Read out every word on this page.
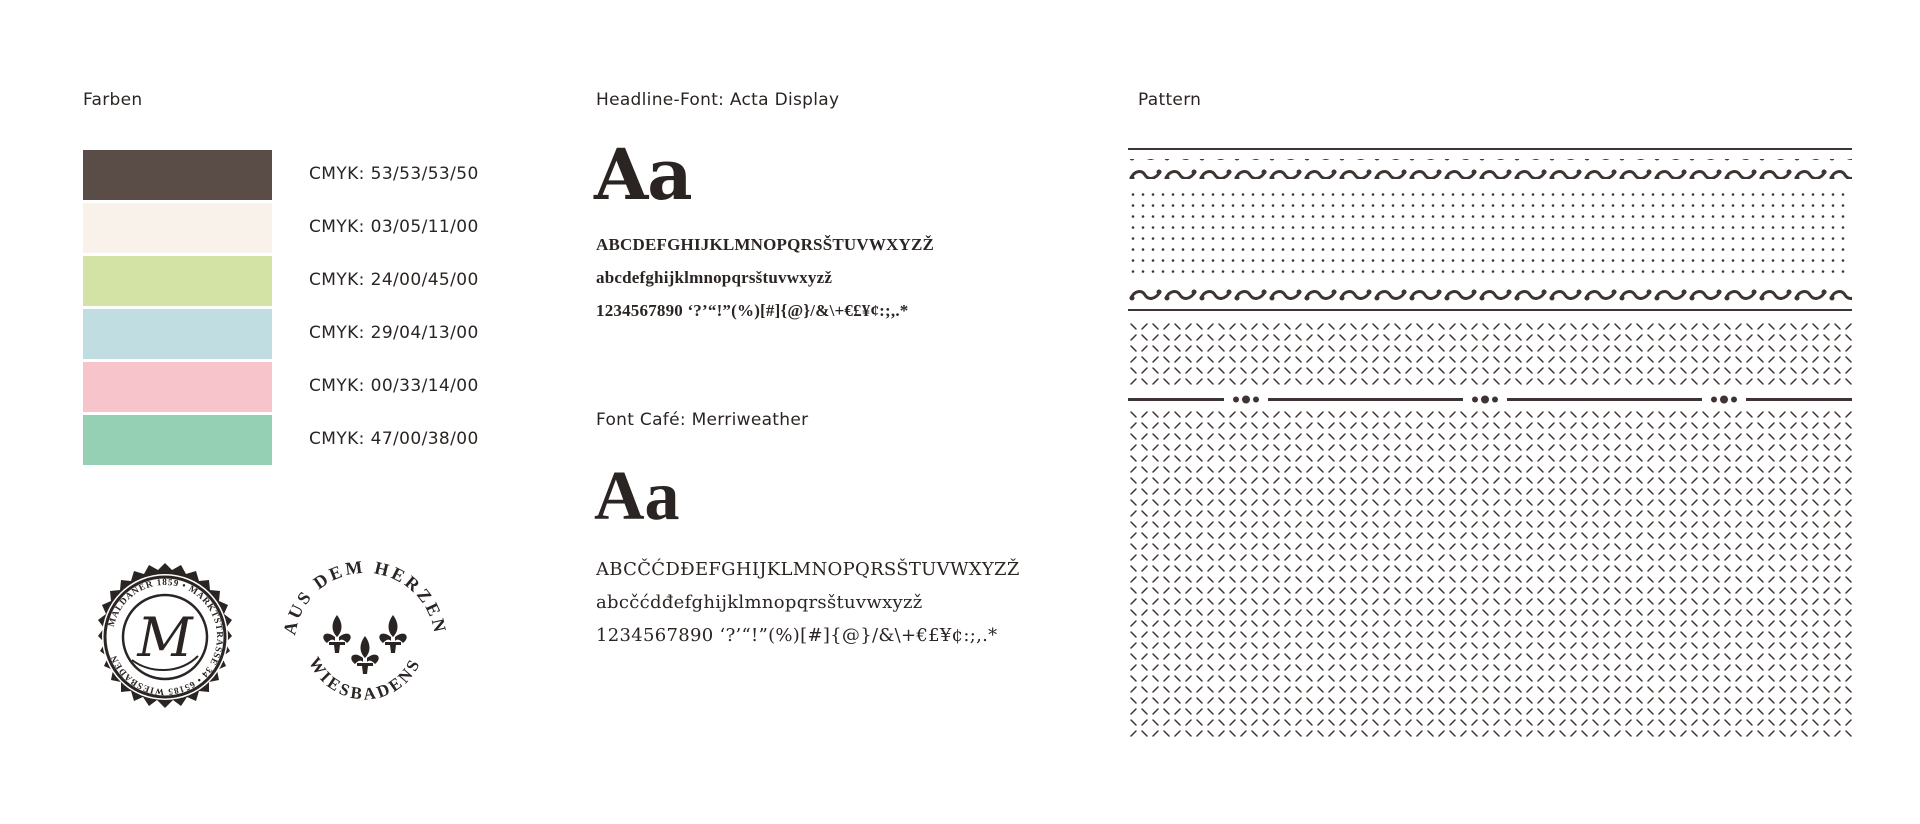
Farben
CMYK: 53/53/53/50
CMYK: 03/05/11/00
CMYK: 24/00/45/00
CMYK: 29/04/13/00
CMYK: 00/33/14/00
CMYK: 47/00/38/00
MALDANER 1859 • MARKTSTRASSE 34 • 65185 WIESBADEN M	AUS DEM HERZEN
WIESBADENS
Headline-Font: Acta Display
Aa
ABCDEFGHIJKLMNOPQRSŠTUVWXYZŽ
abcdefghijklmnopqrsštuvwxyzž
1234567890 ‘?’“!”(%)[#]{@}/&\+€£¥¢:;,.*
Font Café: Merriweather
Aa
ABCČĆDĐEFGHIJKLMNOPQRSŠTUVWXYZŽ
abcčćdđefghijklmnopqrsštuvwxyzž
1234567890 ‘?’“!”(%)[#]{@}/&\+€£¥¢:;,.*
Pattern
